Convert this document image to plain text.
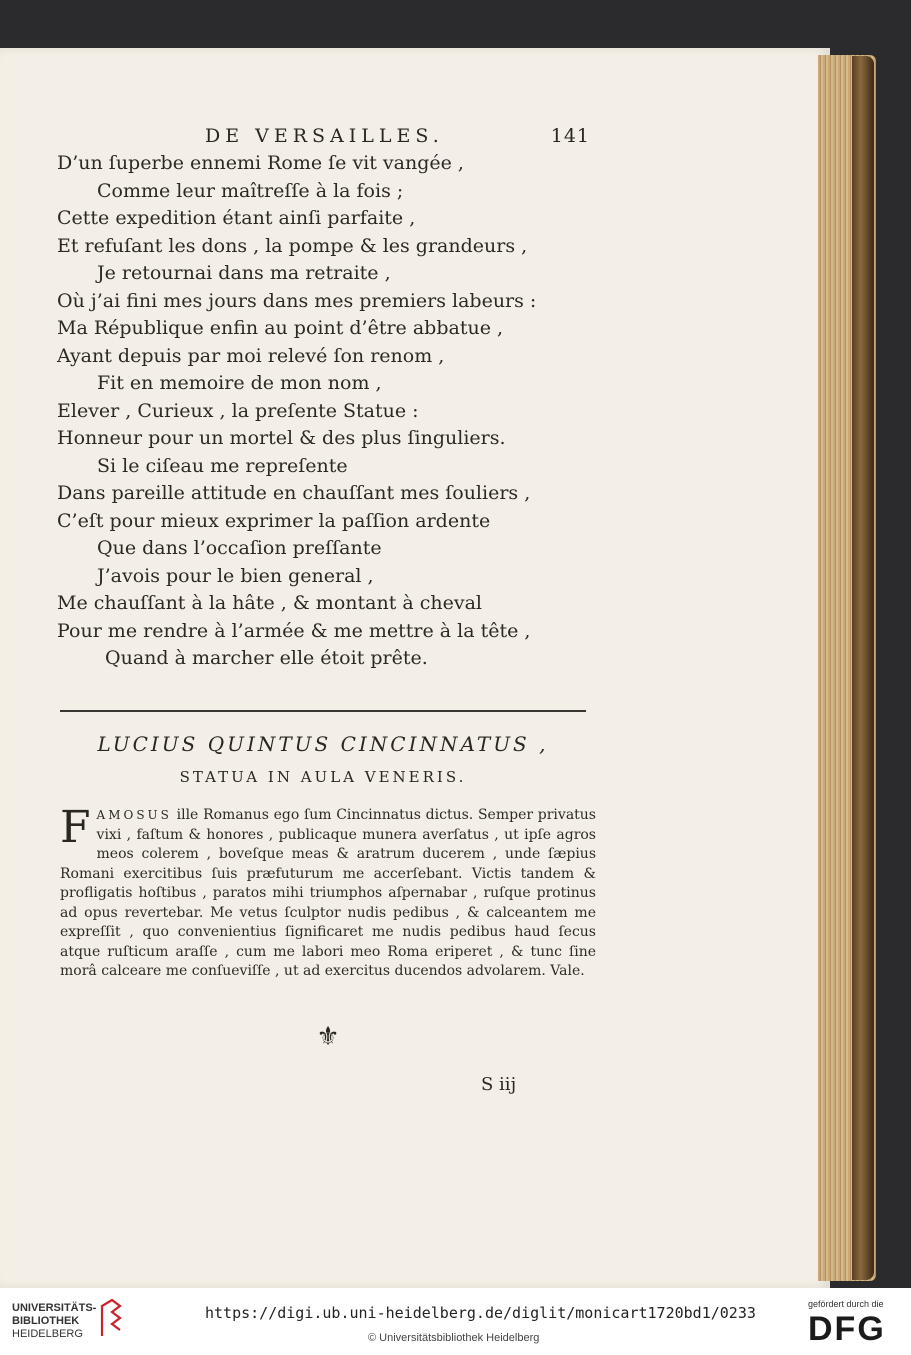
DE VERSAILLES.	141
D’un ſuperbe ennemi Rome ſe vit vangée ,
Comme leur maîtreſſe à la fois ;
Cette expedition étant ainſi parfaite ,
Et refuſant les dons , la pompe & les grandeurs ,
Je retournai dans ma retraite ,
Où j’ai fini mes jours dans mes premiers labeurs :
Ma République enfin au point d’être abbatue ,
Ayant depuis par moi relevé ſon renom ,
Fit en memoire de mon nom ,
Elever , Curieux , la preſente Statue :
Honneur pour un mortel & des plus ſinguliers.
Si le ciſeau me repreſente
Dans pareille attitude en chauſſant mes ſouliers ,
C’eſt pour mieux exprimer la paſſion ardente
Que dans l’occaſion preſſante
J’avois pour le bien general ,
Me chauſſant à la hâte , & montant à cheval
Pour me rendre à l’armée & me mettre à la tête ,
Quand à marcher elle étoit prête.
LUCIUS QUINTUS CINCINNATUS ,
STATUA IN AULA VENERIS.
F AMOSUS ille Romanus ego ſum Cincinnatus dictus. Semper privatus vixi , faſtum & honores , publicaque munera averſatus , ut ipſe agros meos colerem , boveſque meas & aratrum ducerem , unde ſæpius Romani exercitibus ſuis præfuturum me accerſebant. Victis tandem & profligatis hoſtibus , paratos mihi triumphos aſpernabar , ruſque protinus ad opus revertebar. Me vetus ſculptor nudis pedibus , & calceantem me expreſſit , quo convenientius ſignificaret me nudis pedibus haud ſecus atque ruſticum araſſe , cum me labori meo Roma eriperet , & tunc ſine morâ calceare me conſueviſſe , ut ad exercitus ducendos advolarem. Vale.
⚜
S iij
UNIVERSITÄTS-
BIBLIOTHEK
HEIDELBERG
https://digi.ub.uni-heidelberg.de/diglit/monicart1720bd1/0233
© Universitätsbibliothek Heidelberg
gefördert durch die
DFG
